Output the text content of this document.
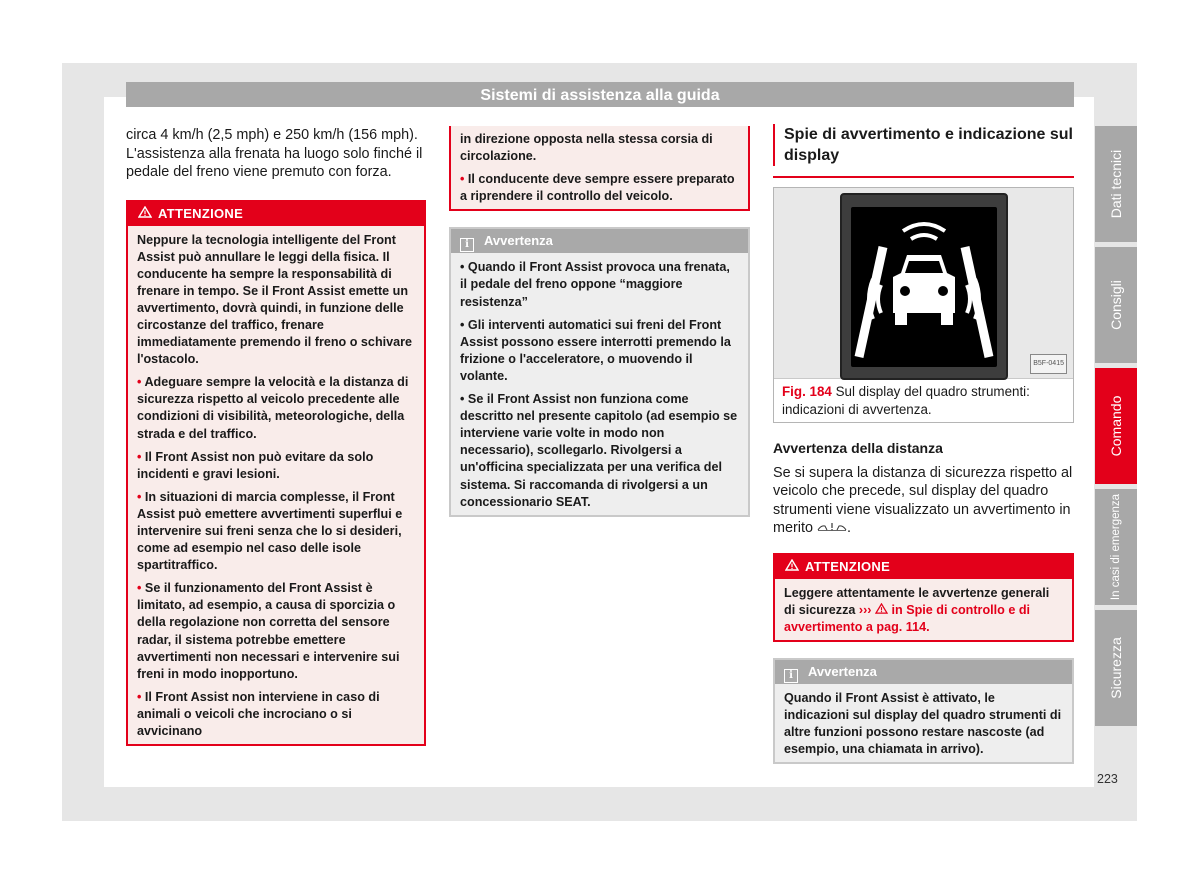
Sistemi di assistenza alla guida

circa 4 km/h (2,5 mph) e 250 km/h (156 mph). L'assistenza alla frenata ha luogo solo finché il pedale del freno viene premuto con forza.

ATTENZIONE

Neppure la tecnologia intelligente del Front Assist può annullare le leggi della fisica. Il conducente ha sempre la responsabilità di frenare in tempo. Se il Front Assist emette un avvertimento, dovrà quindi, in funzione delle circostanze del traffico, frenare immediatamente premendo il freno o schivare l'ostacolo.

• Adeguare sempre la velocità e la distanza di sicurezza rispetto al veicolo precedente alle condizioni di visibilità, meteorologiche, della strada e del traffico.

• Il Front Assist non può evitare da solo incidenti e gravi lesioni.

• In situazioni di marcia complesse, il Front Assist può emettere avvertimenti superflui e intervenire sui freni senza che lo si desideri, come ad esempio nel caso delle isole spartitraffico.

• Se il funzionamento del Front Assist è limitato, ad esempio, a causa di sporcizia o della regolazione non corretta del sensore radar, il sistema potrebbe emettere avvertimenti non necessari e intervenire sui freni in modo inopportuno.

• Il Front Assist non interviene in caso di animali o veicoli che incrociano o si avvicinano

in direzione opposta nella stessa corsia di circolazione.

• Il conducente deve sempre essere preparato a riprendere il controllo del veicolo.

i Avvertenza

• Quando il Front Assist provoca una frenata, il pedale del freno oppone “maggiore resistenza”

• Gli interventi automatici sui freni del Front Assist possono essere interrotti premendo la frizione o l'acceleratore, o muovendo il volante.

• Se il Front Assist non funziona come descritto nel presente capitolo (ad esempio se interviene varie volte in modo non necessario), scollegarlo. Rivolgersi a un'officina specializzata per una verifica del sistema. Si raccomanda di rivolgersi a un concessionario SEAT.

Spie di avvertimento e indicazione sul display
B5F-0415
Fig. 184 Sul display del quadro strumenti: indicazioni di avvertenza.
Avvertenza della distanza

Se si supera la distanza di sicurezza rispetto al veicolo che precede, sul display del quadro strumenti viene visualizzato un avvertimento in merito .

ATTENZIONE
Leggere attentamente le avvertenze generali di sicurezza ››› in Spie di controllo e di avvertimento a pag. 114.
i Avvertenza

Quando il Front Assist è attivato, le indicazioni sul display del quadro strumenti di altre funzioni possono restare nascoste (ad esempio, una chiamata in arrivo).

Dati tecnici
Consigli
Comando
In casi di emergenza
Sicurezza
223
